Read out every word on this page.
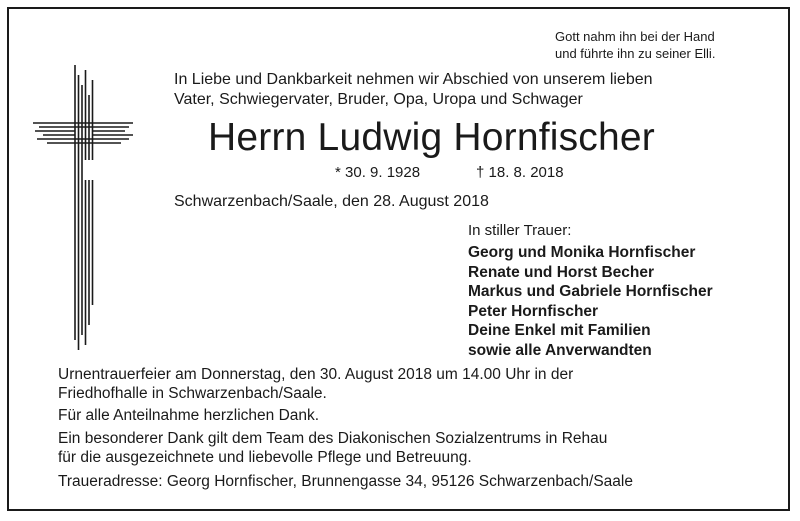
Gott nahm ihn bei der Hand
und führte ihn zu seiner Elli.
In Liebe und Dankbarkeit nehmen wir Abschied von unserem lieben
Vater, Schwiegervater, Bruder, Opa, Uropa und Schwager
Herrn Ludwig Hornfischer
* 30. 9. 1928	† 18. 8. 2018
Schwarzenbach/Saale, den 28. August 2018
In stiller Trauer:
Georg und Monika Hornfischer
Renate und Horst Becher
Markus und Gabriele Hornfischer
Peter Hornfischer
Deine Enkel mit Familien
sowie alle Anverwandten
Urnentrauerfeier am Donnerstag, den 30. August 2018 um 14.00 Uhr in der
Friedhofhalle in Schwarzenbach/Saale.
Für alle Anteilnahme herzlichen Dank.
Ein besonderer Dank gilt dem Team des Diakonischen Sozialzentrums in Rehau
für die ausgezeichnete und liebevolle Pflege und Betreuung.
Traueradresse: Georg Hornfischer, Brunnengasse 34, 95126 Schwarzenbach/Saale
